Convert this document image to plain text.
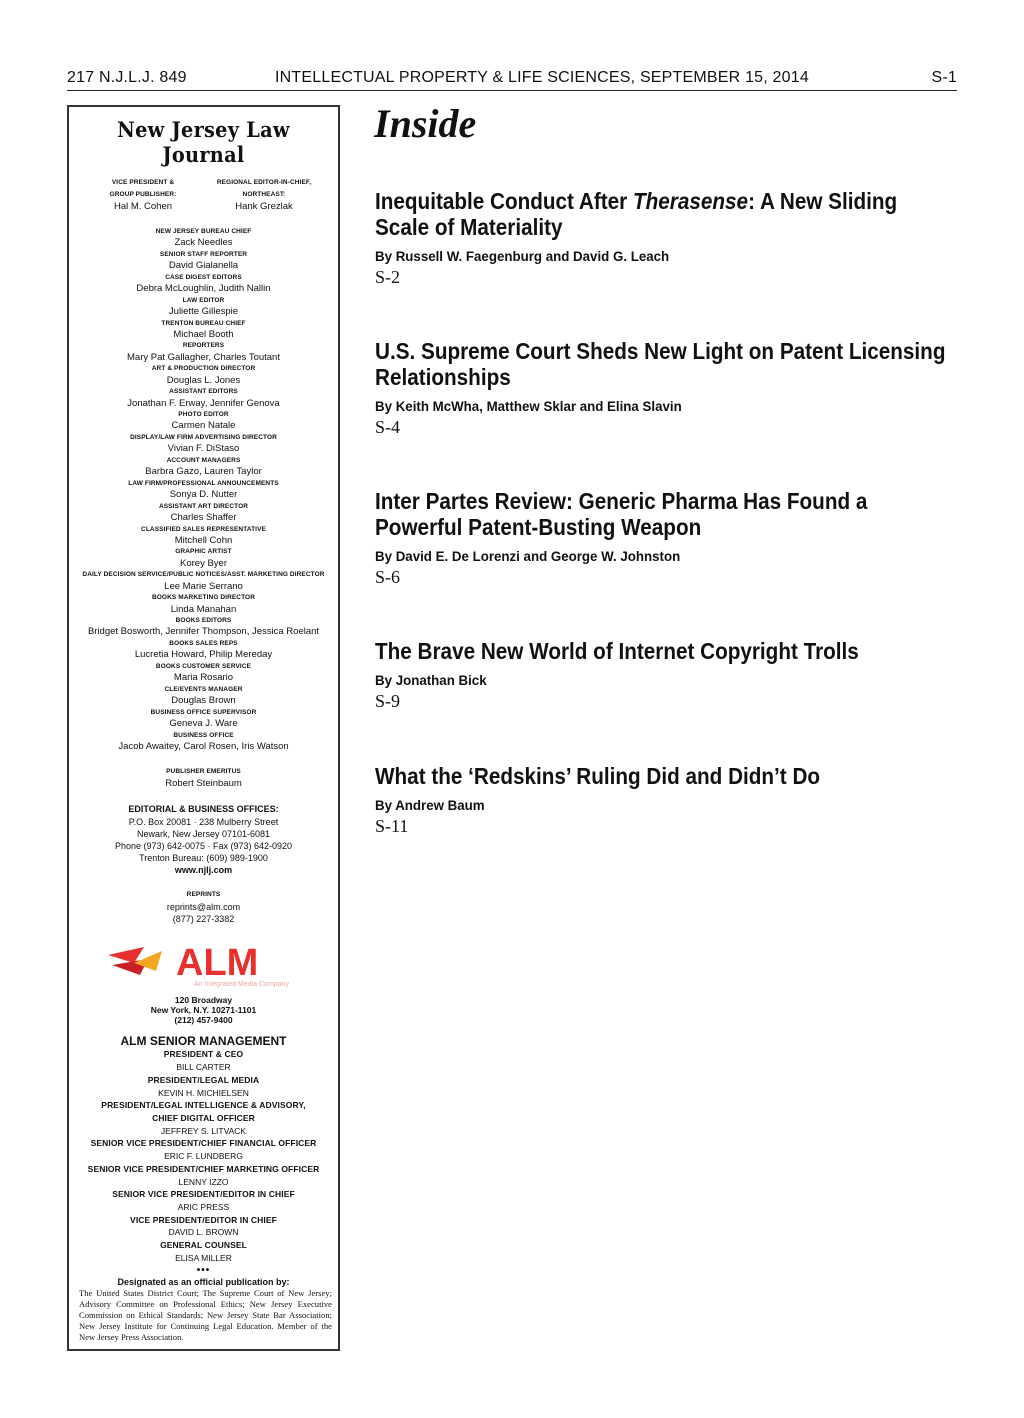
217 N.J.L.J. 849	INTELLECTUAL PROPERTY & LIFE SCIENCES, SEPTEMBER 15, 2014	S-1
New Jersey Law Journal
VICE PRESIDENT &
GROUP PUBLISHER:
Hal M. Cohen
REGIONAL EDITOR-IN-CHIEF,
NORTHEAST:
Hank Grezlak
NEW JERSEY BUREAU CHIEF
Zack Needles
SENIOR STAFF REPORTER
David Gialanella
CASE DIGEST EDITORS
Debra McLoughlin, Judith Nallin
LAW EDITOR
Juliette Gillespie
TRENTON BUREAU CHIEF
Michael Booth
REPORTERS
Mary Pat Gallagher, Charles Toutant
ART & PRODUCTION DIRECTOR
Douglas L. Jones
ASSISTANT EDITORS
Jonathan F. Erway, Jennifer Genova
PHOTO EDITOR
Carmen Natale
DISPLAY/LAW FIRM ADVERTISING DIRECTOR
Vivian F. DiStaso
ACCOUNT MANAGERS
Barbra Gazo, Lauren Taylor
LAW FIRM/PROFESSIONAL ANNOUNCEMENTS
Sonya D. Nutter
ASSISTANT ART DIRECTOR
Charles Shaffer
CLASSIFIED SALES REPRESENTATIVE
Mitchell Cohn
GRAPHIC ARTIST
Korey Byer
DAILY DECISION SERVICE/PUBLIC NOTICES/ASST. MARKETING DIRECTOR
Lee Marie Serrano
BOOKS MARKETING DIRECTOR
Linda Manahan
BOOKS EDITORS
Bridget Bosworth, Jennifer Thompson, Jessica Roelant
BOOKS SALES REPS
Lucretia Howard, Philip Mereday
BOOKS CUSTOMER SERVICE
Maria Rosario
CLE/EVENTS MANAGER
Douglas Brown
BUSINESS OFFICE SUPERVISOR
Geneva J. Ware
BUSINESS OFFICE
Jacob Awaitey, Carol Rosen, Iris Watson
PUBLISHER EMERITUS
Robert Steinbaum
EDITORIAL & BUSINESS OFFICES:
P.O. Box 20081 · 238 Mulberry Street
Newark, New Jersey 07101-6081
Phone (973) 642-0075 · Fax (973) 642-0920
Trenton Bureau: (609) 989-1900
www.njlj.com
REPRINTS
reprints@alm.com
(877) 227-3382
ALM
An Integrated Media Company
120 Broadway
New York, N.Y. 10271-1101
(212) 457-9400
ALM SENIOR MANAGEMENT
PRESIDENT & CEO
BILL CARTER
PRESIDENT/LEGAL MEDIA
KEVIN H. MICHIELSEN
PRESIDENT/LEGAL INTELLIGENCE & ADVISORY,
CHIEF DIGITAL OFFICER
JEFFREY S. LITVACK
SENIOR VICE PRESIDENT/CHIEF FINANCIAL OFFICER
ERIC F. LUNDBERG
SENIOR VICE PRESIDENT/CHIEF MARKETING OFFICER
LENNY IZZO
SENIOR VICE PRESIDENT/EDITOR IN CHIEF
ARIC PRESS
VICE PRESIDENT/EDITOR IN CHIEF
DAVID L. BROWN
GENERAL COUNSEL
ELISA MILLER
•••
Designated as an official publication by:
The United States District Court; The Supreme Court of New Jersey; Advisory Committee on Professional Ethics; New Jersey Executive Commission on Ethical Standards; New Jersey State Bar Association; New Jersey Institute for Continuing Legal Education. Member of the New Jersey Press Association.
Inside
Inequitable Conduct After Therasense: A New Sliding Scale of Materiality
By Russell W. Faegenburg and David G. Leach
S-2
U.S. Supreme Court Sheds New Light on Patent Licensing Relationships
By Keith McWha, Matthew Sklar and Elina Slavin
S-4
Inter Partes Review: Generic Pharma Has Found a Powerful Patent-Busting Weapon
By David E. De Lorenzi and George W. Johnston
S-6
The Brave New World of Internet Copyright Trolls
By Jonathan Bick
S-9
What the ‘Redskins’ Ruling Did and Didn’t Do
By Andrew Baum
S-11
